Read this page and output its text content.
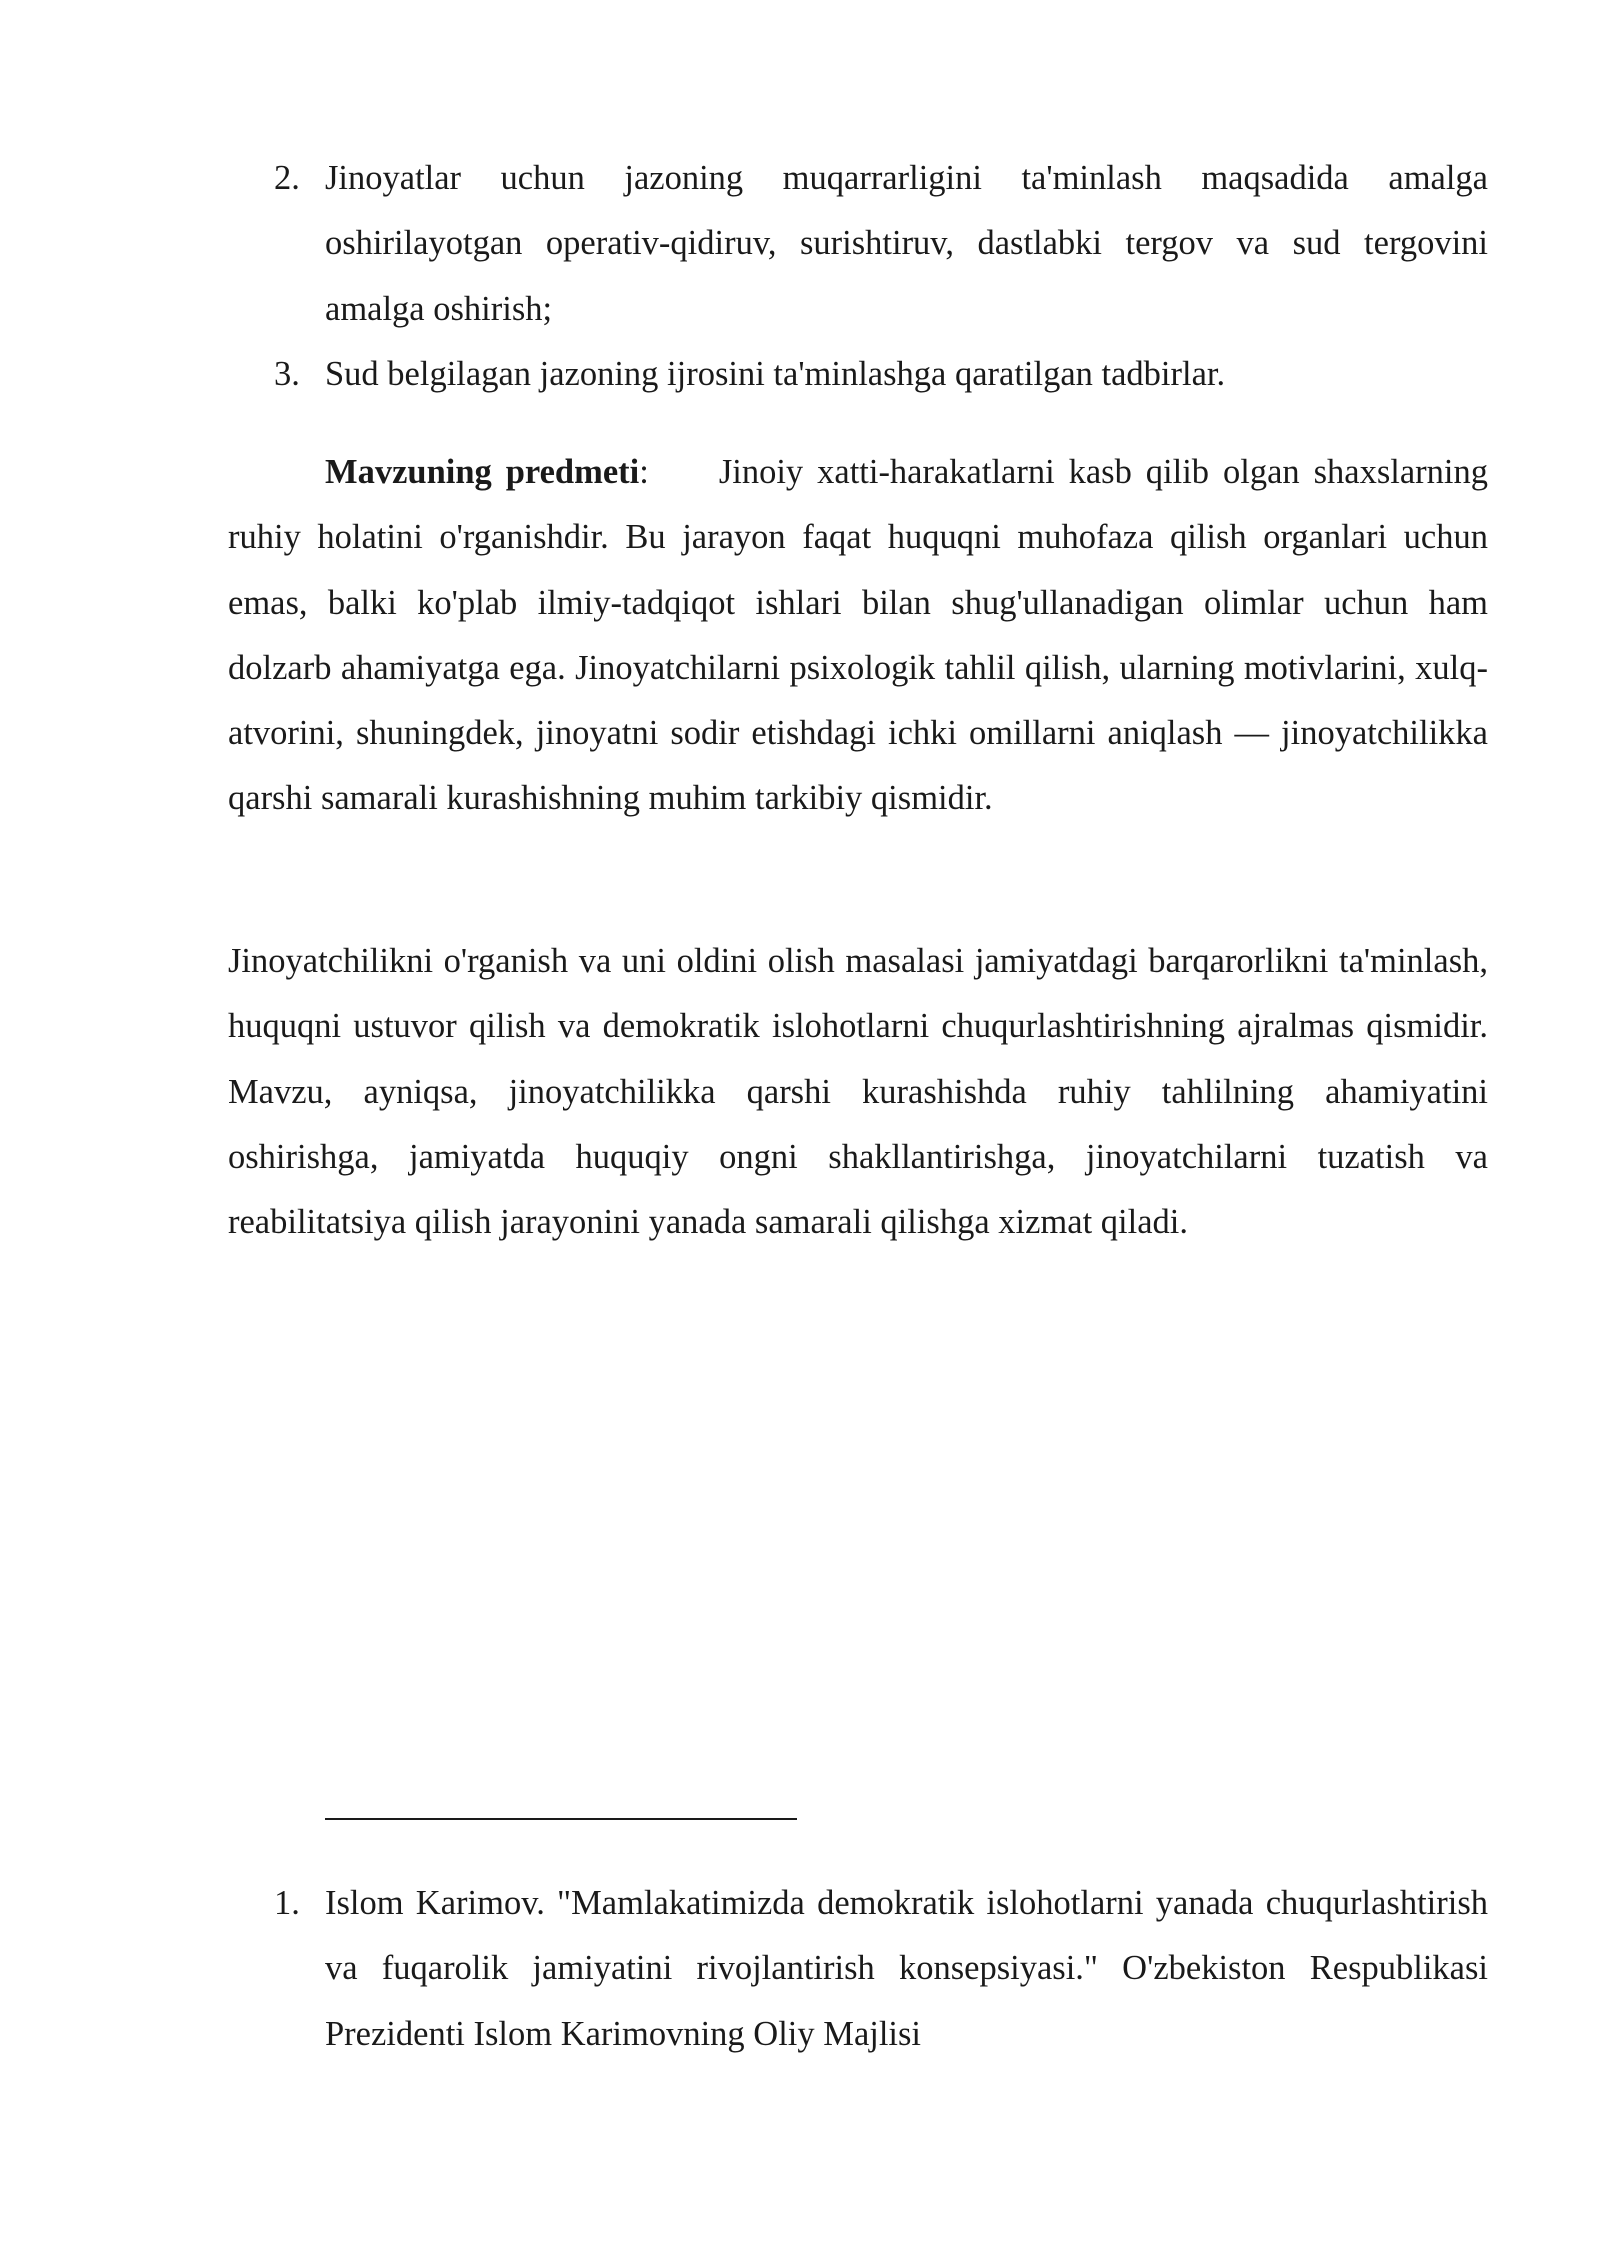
2. Jinoyatlar uchun jazoning muqarrarligini ta'minlash maqsadida amalga oshirilayotgan operativ-qidiruv, surishtiruv, dastlabki tergov va sud tergovini amalga oshirish;
3. Sud belgilagan jazoning ijrosini ta'minlashga qaratilgan tadbirlar.

Mavzuning predmeti: Jinoiy xatti-harakatlarni kasb qilib olgan shaxslarning ruhiy holatini o'rganishdir. Bu jarayon faqat huquqni muhofaza qilish organlari uchun emas, balki ko'plab ilmiy-tadqiqot ishlari bilan shug'ullanadigan olimlar uchun ham dolzarb ahamiyatga ega. Jinoyatchilarni psixologik tahlil qilish, ularning motivlarini, xulq-atvorini, shuningdek, jinoyatni sodir etishdagi ichki omillarni aniqlash — jinoyatchilikka qarshi samarali kurashishning muhim tarkibiy qismidir.

Jinoyatchilikni o'rganish va uni oldini olish masalasi jamiyatdagi barqarorlikni ta'minlash, huquqni ustuvor qilish va demokratik islohotlarni chuqurlashtirishning ajralmas qismidir. Mavzu, ayniqsa, jinoyatchilikka qarshi kurashishda ruhiy tahlilning ahamiyatini oshirishga, jamiyatda huquqiy ongni shakllantirishga, jinoyatchilarni tuzatish va reabilitatsiya qilish jarayonini yanada samarali qilishga xizmat qiladi.

1. Islom Karimov. "Mamlakatimizda demokratik islohotlarni yanada chuqurlashtirish va fuqarolik jamiyatini rivojlantirish konsepsiyasi." O'zbekiston Respublikasi Prezidenti Islom Karimovning Oliy Majlisi
